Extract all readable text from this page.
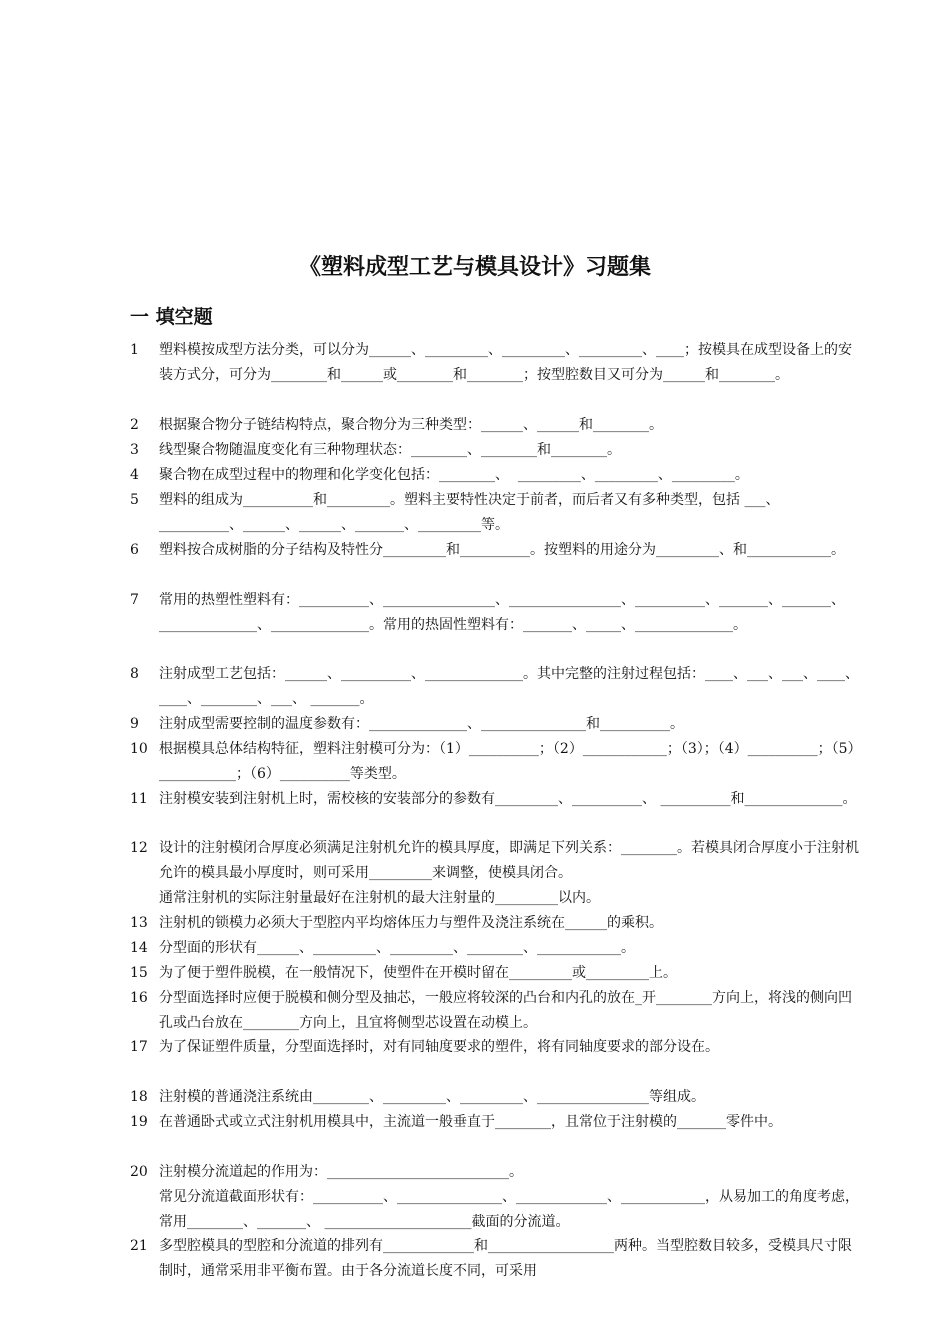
《塑料成型工艺与模具设计》习题集
一 填空题
1	塑料模按成型方法分类，可以分为______、_________、_________、_________、____；按模具在成型设备上的安装方式分，可分为________和______或________和________；按型腔数目又可分为______和________。
2	根据聚合物分子链结构特点，聚合物分为三种类型：______、______和________。
3	线型聚合物随温度变化有三种物理状态：________、________和________。
4	聚合物在成型过程中的物理和化学变化包括：________、  _________、_________、_________。
5	塑料的组成为__________和_________。塑料主要特性决定于前者，而后者又有多种类型，包括 ___、__________、______、______、_______、_________等。
6	塑料按合成树脂的分子结构及特性分_________和__________。按塑料的用途分为_________、和____________。
7	常用的热塑性塑料有：__________、________________、________________、__________、_______、_______、______________、______________。常用的热固性塑料有：_______、_____、______________。
8	注射成型工艺包括：______、__________、______________。其中完整的注射过程包括：____、___、___、____、____、________、___、 _______。
9	注射成型需要控制的温度参数有：______________、_______________和__________。
10 根据模具总体结构特征，塑料注射模可分为：（1）__________；（2）____________；（3）；（4）__________；（5）___________；（6）__________等类型。
11 注射模安装到注射机上时，需校核的安装部分的参数有_________、__________、 __________和______________。
12 设计的注射模闭合厚度必须满足注射机允许的模具厚度，即满足下列关系：________。若模具闭合厚度小于注射机允许的模具最小厚度时，则可采用_________来调整，使模具闭合。
通常注射机的实际注射量最好在注射机的最大注射量的_________以内。
13 注射机的锁模力必须大于型腔内平均熔体压力与塑件及浇注系统在______的乘积。
14 分型面的形状有______、_________、_________、________、____________。
15 为了便于塑件脱模，在一般情况下，使塑件在开模时留在_________或_________上。
16 分型面选择时应便于脱模和侧分型及抽芯，一般应将较深的凸台和内孔的放在_开________方向上，将浅的侧向凹孔或凸台放在________方向上，且宜将侧型芯设置在动模上。
17 为了保证塑件质量，分型面选择时，对有同轴度要求的塑件，将有同轴度要求的部分设在。
18 注射模的普通浇注系统由________、_________、_________、________________等组成。
19 在普通卧式或立式注射机用模具中，主流道一般垂直于________，且常位于注射模的_______零件中。
20 注射模分流道起的作用为：__________________________。
常见分流道截面形状有：__________、_______________、_____________、____________，从易加工的角度考虑，常用________、_______、 _____________________截面的分流道。
21 多型腔模具的型腔和分流道的排列有_____________和__________________两种。当型腔数目较多，受模具尺寸限制时，通常采用非平衡布置。由于各分流道长度不同，可采用
